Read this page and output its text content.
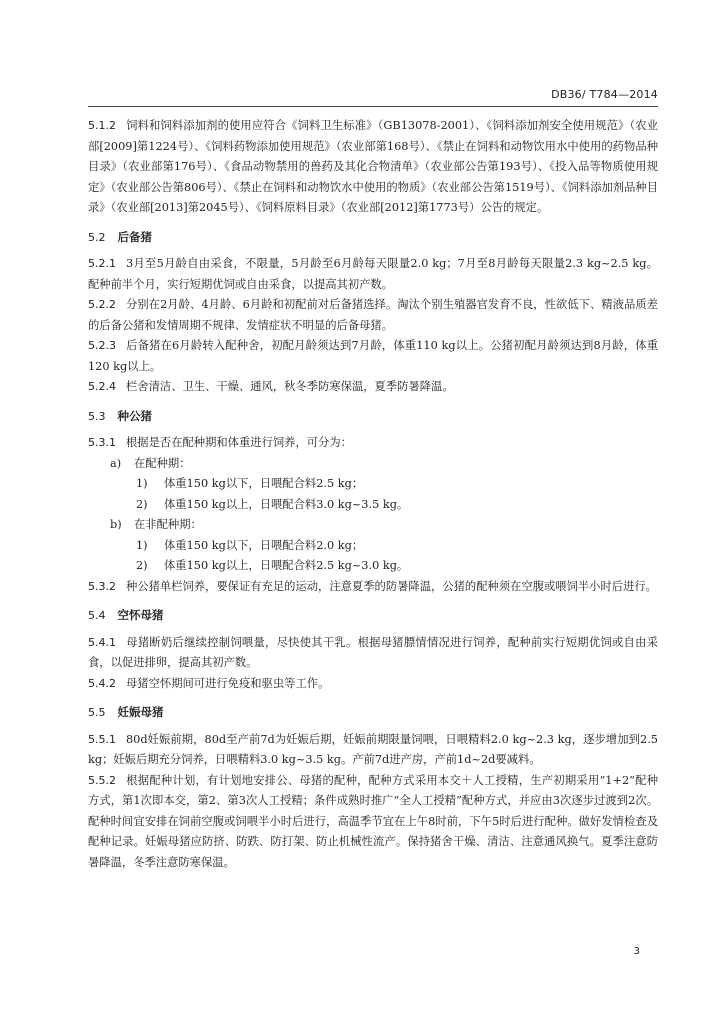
DB36/ T784—2014

5.1.2 饲料和饲料添加剂的使用应符合《饲料卫生标准》（GB13078-2001）、《饲料添加剂安全使用规范》（农业部[2009]第1224号）、《饲料药物添加使用规范》（农业部第168号）、《禁止在饲料和动物饮用水中使用的药物品种目录》（农业部第176号）、《食品动物禁用的兽药及其化合物清单》（农业部公告第193号）、《投入品等物质使用规定》（农业部公告第806号）、《禁止在饲料和动物饮水中使用的物质》（农业部公告第1519号）、《饲料添加剂品种目录》（农业部[2013]第2045号）、《饲料原料目录》（农业部[2012]第1773号）公告的规定。

5.2 后备猪

5.2.1 3月至5月龄自由采食，不限量，5月龄至6月龄每天限量2.0 kg；7月至8月龄每天限量2.3 kg~2.5 kg。配种前半个月，实行短期优饲或自由采食，以提高其初产数。

5.2.2 分别在2月龄、4月龄、6月龄和初配前对后备猪选择。淘汰个别生殖器官发育不良，性欲低下、精液品质差的后备公猪和发情周期不规律、发情症状不明显的后备母猪。

5.2.3 后备猪在6月龄转入配种舍，初配月龄须达到7月龄，体重110 kg以上。公猪初配月龄须达到8月龄，体重120 kg以上。

5.2.4 栏舍清洁、卫生、干燥、通风，秋冬季防寒保温，夏季防暑降温。

5.3 种公猪

5.3.1 根据是否在配种期和体重进行饲养，可分为：

a) 在配种期：

1) 体重150 kg以下，日喂配合料2.5 kg；

2) 体重150 kg以上，日喂配合料3.0 kg~3.5 kg。

b) 在非配种期：

1) 体重150 kg以下，日喂配合料2.0 kg；

2) 体重150 kg以上，日喂配合料2.5 kg~3.0 kg。

5.3.2 种公猪单栏饲养，要保证有充足的运动，注意夏季的防暑降温，公猪的配种须在空腹或喂饲半小时后进行。

5.4 空怀母猪

5.4.1 母猪断奶后继续控制饲喂量，尽快使其干乳。根据母猪膘情情况进行饲养，配种前实行短期优饲或自由采食，以促进排卵，提高其初产数。

5.4.2 母猪空怀期间可进行免疫和驱虫等工作。

5.5 妊娠母猪

5.5.1 80d妊娠前期，80d至产前7d为妊娠后期，妊娠前期限量饲喂，日喂精料2.0 kg~2.3 kg，逐步增加到2.5 kg；妊娠后期充分饲养，日喂精料3.0 kg~3.5 kg。产前7d进产房，产前1d~2d要减料。

5.5.2 根据配种计划，有计划地安排公、母猪的配种，配种方式采用本交＋人工授精，生产初期采用“1+2”配种方式，第1次即本交，第2、第3次人工授精；条件成熟时推广“全人工授精”配种方式，并应由3次逐步过渡到2次。配种时间宜安排在饲前空腹或饲喂半小时后进行，高温季节宜在上午8时前，下午5时后进行配种。做好发情检查及配种记录。妊娠母猪应防挤、防跌、防打架、防止机械性流产。保持猪舍干燥、清洁、注意通风换气。夏季注意防暑降温，冬季注意防寒保温。

3
